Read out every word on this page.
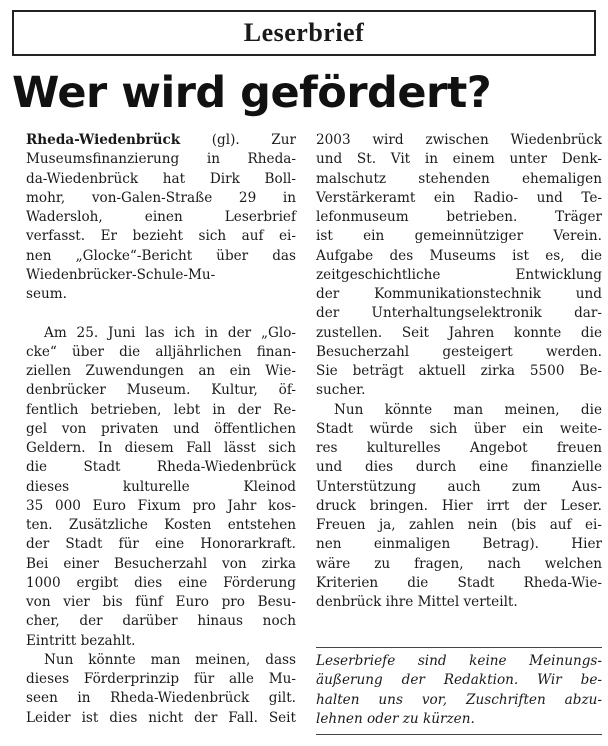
Leserbrief
Wer wird gefördert?
Rheda-Wiedenbrück (gl). Zur
Museumsfinanzierung in Rheda-
da-Wiedenbrück hat Dirk Boll-
mohr, von-Galen-Straße 29 in
Wadersloh, einen Leserbrief
verfasst. Er bezieht sich auf ei-
nen „Glocke“-Bericht über das
Wiedenbrücker-Schule-Mu-
seum.
Am 25. Juni las ich in der „Glo-
cke“ über die alljährlichen finan-
ziellen Zuwendungen an ein Wie-
denbrücker Museum. Kultur, öf-
fentlich betrieben, lebt in der Re-
gel von privaten und öffentlichen
Geldern. In diesem Fall lässt sich
die Stadt Rheda-Wiedenbrück
dieses kulturelle Kleinod
35 000 Euro Fixum pro Jahr kos-
ten. Zusätzliche Kosten entstehen
der Stadt für eine Honorarkraft.
Bei einer Besucherzahl von zirka
1000 ergibt dies eine Förderung
von vier bis fünf Euro pro Besu-
cher, der darüber hinaus noch
Eintritt bezahlt.
Nun könnte man meinen, dass
dieses Förderprinzip für alle Mu-
seen in Rheda-Wiedenbrück gilt.
Leider ist dies nicht der Fall. Seit
2003 wird zwischen Wiedenbrück
und St. Vit in einem unter Denk-
malschutz stehenden ehemaligen
Verstärkeramt ein Radio- und Te-
lefonmuseum betrieben. Träger
ist ein gemeinnütziger Verein.
Aufgabe des Museums ist es, die
zeitgeschichtliche Entwicklung
der Kommunikationstechnik und
der Unterhaltungselektronik dar-
zustellen. Seit Jahren konnte die
Besucherzahl gesteigert werden.
Sie beträgt aktuell zirka 5500 Be-
sucher.
Nun könnte man meinen, die
Stadt würde sich über ein weite-
res kulturelles Angebot freuen
und dies durch eine finanzielle
Unterstützung auch zum Aus-
druck bringen. Hier irrt der Leser.
Freuen ja, zahlen nein (bis auf ei-
nen einmaligen Betrag). Hier
wäre zu fragen, nach welchen
Kriterien die Stadt Rheda-Wie-
denbrück ihre Mittel verteilt.
Leserbriefe sind keine Meinungs-
äußerung der Redaktion. Wir be-
halten uns vor, Zuschriften abzu-
lehnen oder zu kürzen.
